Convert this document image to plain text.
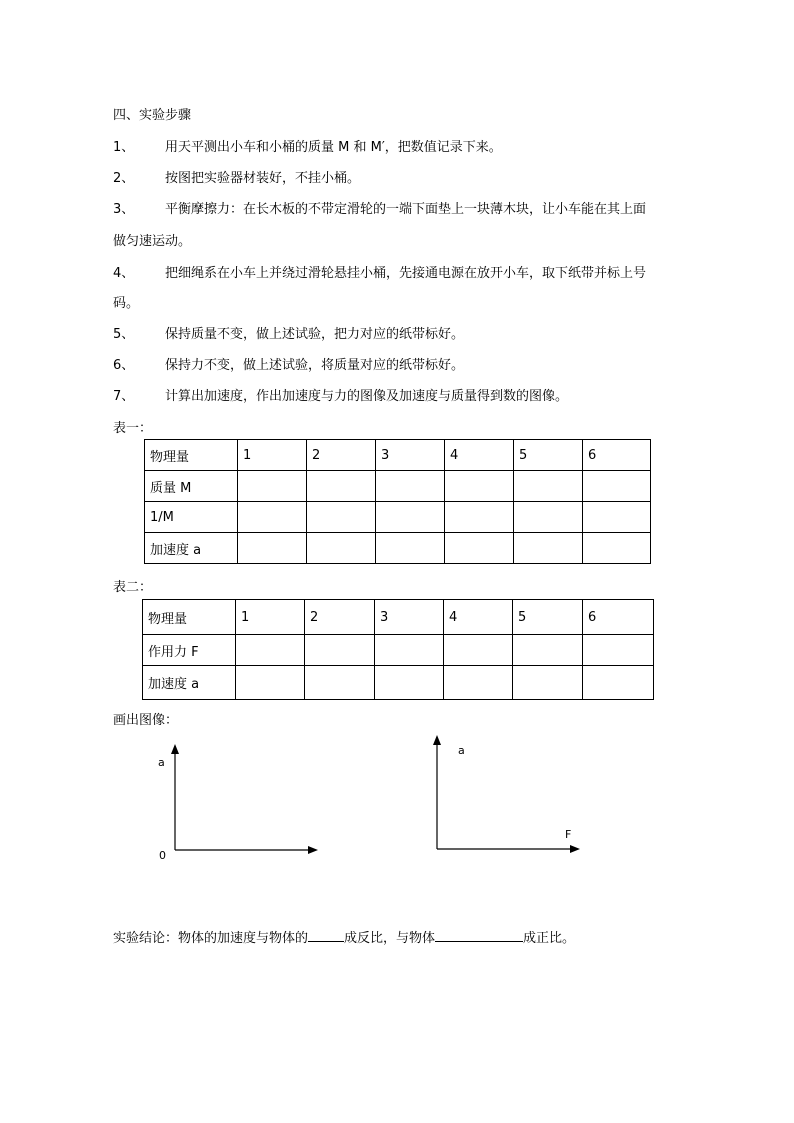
四、实验步骤
1、 用天平测出小车和小桶的质量 M 和 M′，把数值记录下来。
2、 按图把实验器材装好，不挂小桶。
3、 平衡摩擦力：在长木板的不带定滑轮的一端下面垫上一块薄木块，让小车能在其上面
做匀速运动。
4、 把细绳系在小车上并绕过滑轮悬挂小桶，先接通电源在放开小车，取下纸带并标上号
码。
5、 保持质量不变，做上述试验，把力对应的纸带标好。
6、 保持力不变，做上述试验，将质量对应的纸带标好。
7、 计算出加速度，作出加速度与力的图像及加速度与质量得到数的图像。
表一：
物理量	1	2	3	4	5	6
质量 M						
1/M						
加速度 a						
表二：
物理量	1	2	3	4	5	6
作用力 F						
加速度 a						
画出图像：
a
0
a
F
实验结论：物体的加速度与物体的	成反比，与物体	成正比。
